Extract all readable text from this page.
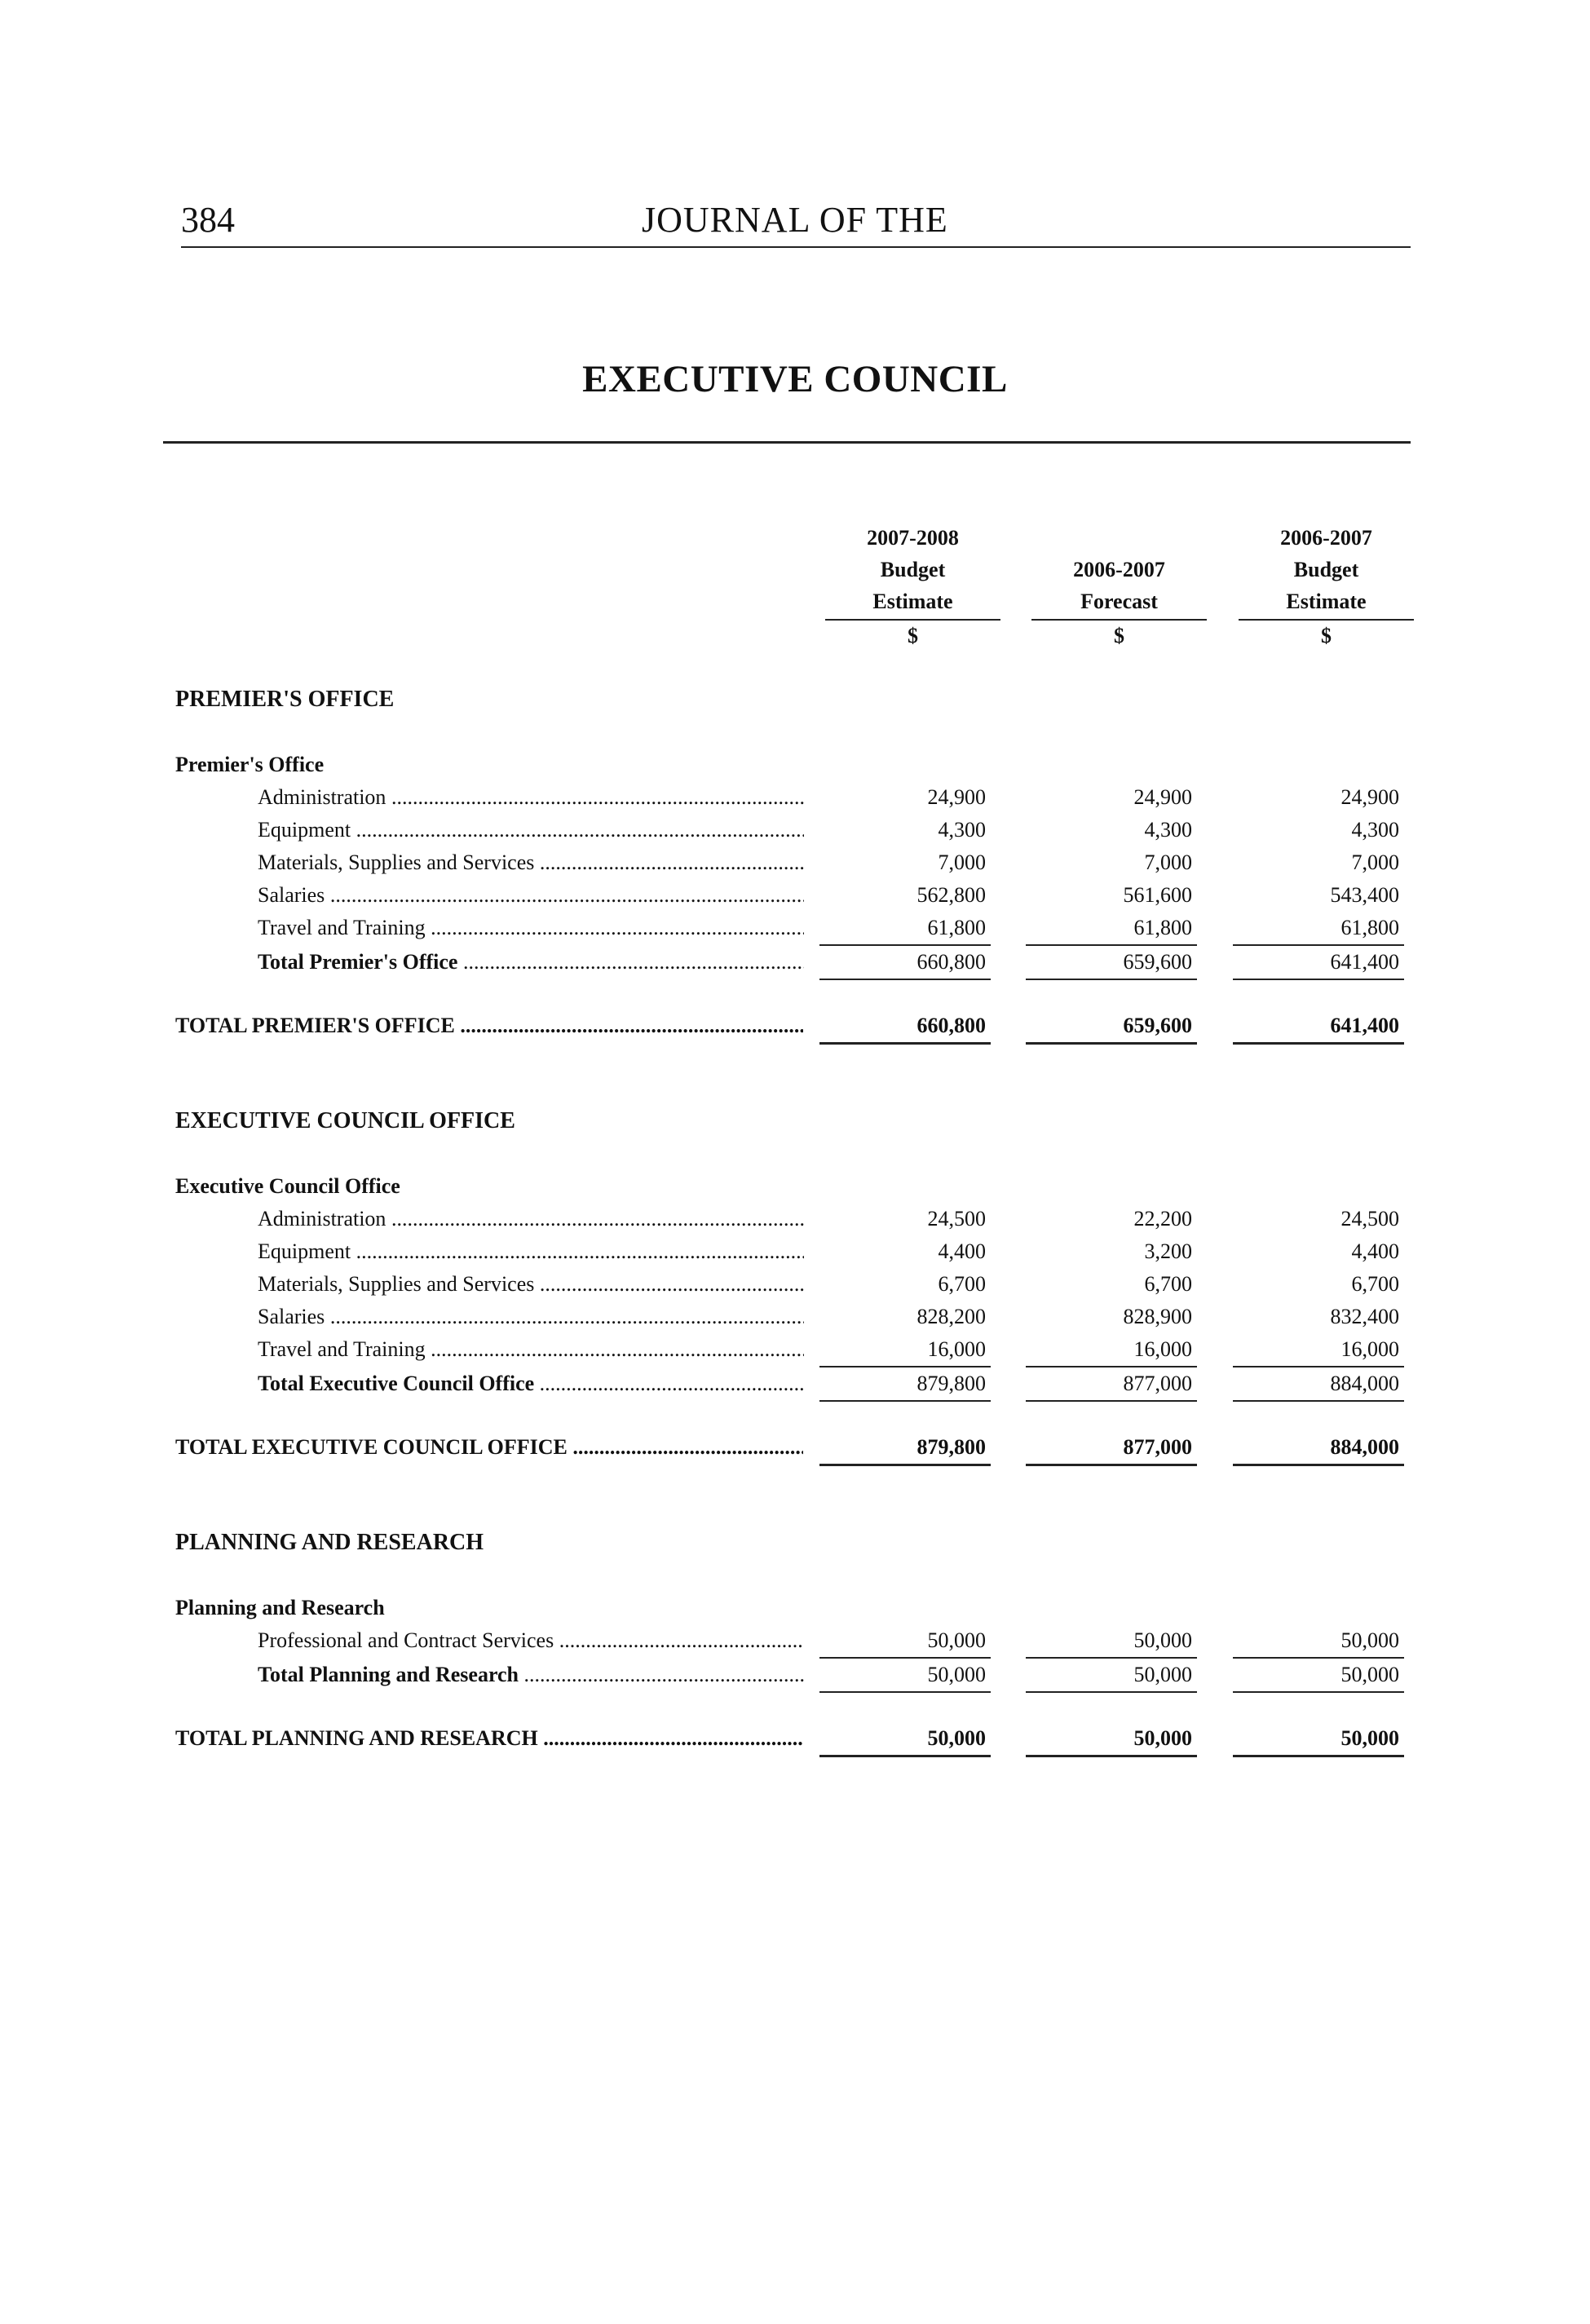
384	JOURNAL OF THE
EXECUTIVE COUNCIL
2007-2008
Budget
Estimate
$

2006-2007
Forecast
$
2006-2007
Budget
Estimate
$
PREMIER'S OFFICE
Premier's Office
Administration .....	24,900	24,900	24,900
Equipment .....	4,300	4,300	4,300
Materials, Supplies and Services .....	7,000	7,000	7,000
Salaries .....	562,800	561,600	543,400
Travel and Training .....	61,800	61,800	61,800
Total Premier's Office .....	660,800	659,600	641,400
TOTAL PREMIER'S OFFICE .....	660,800	659,600	641,400
EXECUTIVE COUNCIL OFFICE
Executive Council Office
Administration .....	24,500	22,200	24,500
Equipment .....	4,400	3,200	4,400
Materials, Supplies and Services .....	6,700	6,700	6,700
Salaries .....	828,200	828,900	832,400
Travel and Training .....	16,000	16,000	16,000
Total Executive Council Office .....	879,800	877,000	884,000
TOTAL EXECUTIVE COUNCIL OFFICE .....	879,800	877,000	884,000
PLANNING AND RESEARCH
Planning and Research
Professional and Contract Services .....	50,000	50,000	50,000
Total Planning and Research .....	50,000	50,000	50,000
TOTAL PLANNING AND RESEARCH .....	50,000	50,000	50,000
